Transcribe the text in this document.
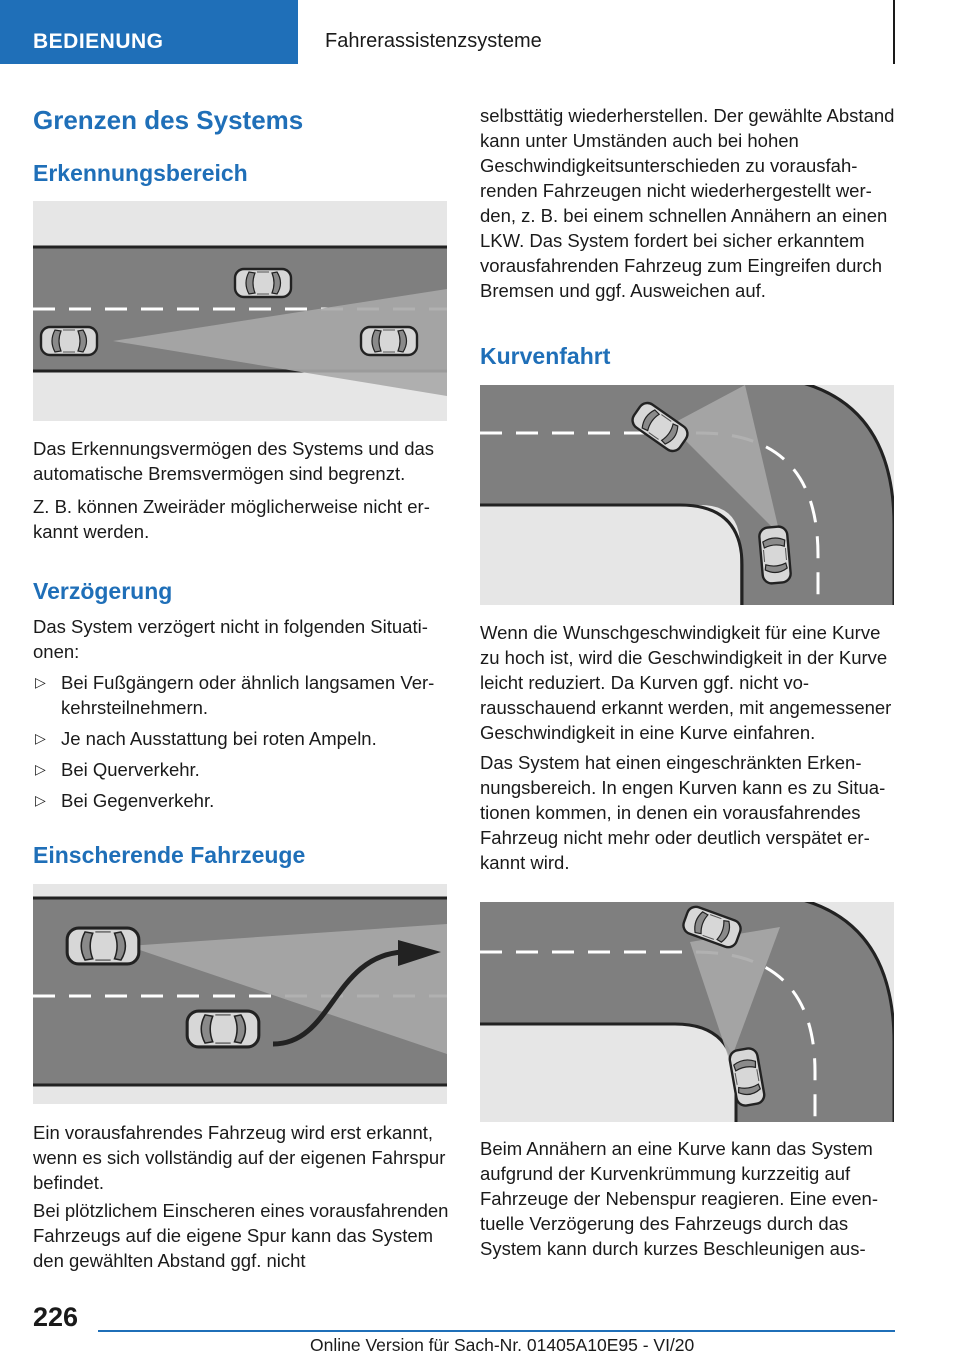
BEDIENUNG	Fahrerassistenzsysteme
Grenzen des Systems
Erkennungsbereich

Das Erkennungsvermögen des Systems und das automatische Bremsvermögen sind begrenzt.

Z. B. können Zweiräder möglicherweise nicht erkannt werden.

Verzögerung

Das System verzögert nicht in folgenden Situationen:

▷ Bei Fußgängern oder ähnlich langsamen Verkehrsteilnehmern.
▷ Je nach Ausstattung bei roten Ampeln.
▷ Bei Querverkehr.
▷ Bei Gegenverkehr.
Einscherende Fahrzeuge

Ein vorausfahrendes Fahrzeug wird erst erkannt, wenn es sich vollständig auf der eigenen Fahrspur befindet.

Bei plötzlichem Einscheren eines vorausfahrenden Fahrzeugs auf die eigene Spur kann das System den gewählten Abstand ggf. nicht

selbsttätig wiederherstellen. Der gewählte Abstand kann unter Umständen auch bei hohen Geschwindigkeitsunterschieden zu vorausfahrenden Fahrzeugen nicht wiederhergestellt werden, z. B. bei einem schnellen Annähern an einen LKW. Das System fordert bei sicher erkanntem vorausfahrenden Fahrzeug zum Eingreifen durch Bremsen und ggf. Ausweichen auf.

Kurvenfahrt

Wenn die Wunschgeschwindigkeit für eine Kurve zu hoch ist, wird die Geschwindigkeit in der Kurve leicht reduziert. Da Kurven ggf. nicht vorausschauend erkannt werden, mit angemessener Geschwindigkeit in eine Kurve einfahren.

Das System hat einen eingeschränkten Erkennungsbereich. In engen Kurven kann es zu Situationen kommen, in denen ein vorausfahrendes Fahrzeug nicht mehr oder deutlich verspätet erkannt wird.

Beim Annähern an eine Kurve kann das System aufgrund der Kurvenkrümmung kurzzeitig auf Fahrzeuge der Nebenspur reagieren. Eine eventuelle Verzögerung des Fahrzeugs durch das System kann durch kurzes Beschleunigen aus-

226
Online Version für Sach-Nr. 01405A10E95 - VI/20
